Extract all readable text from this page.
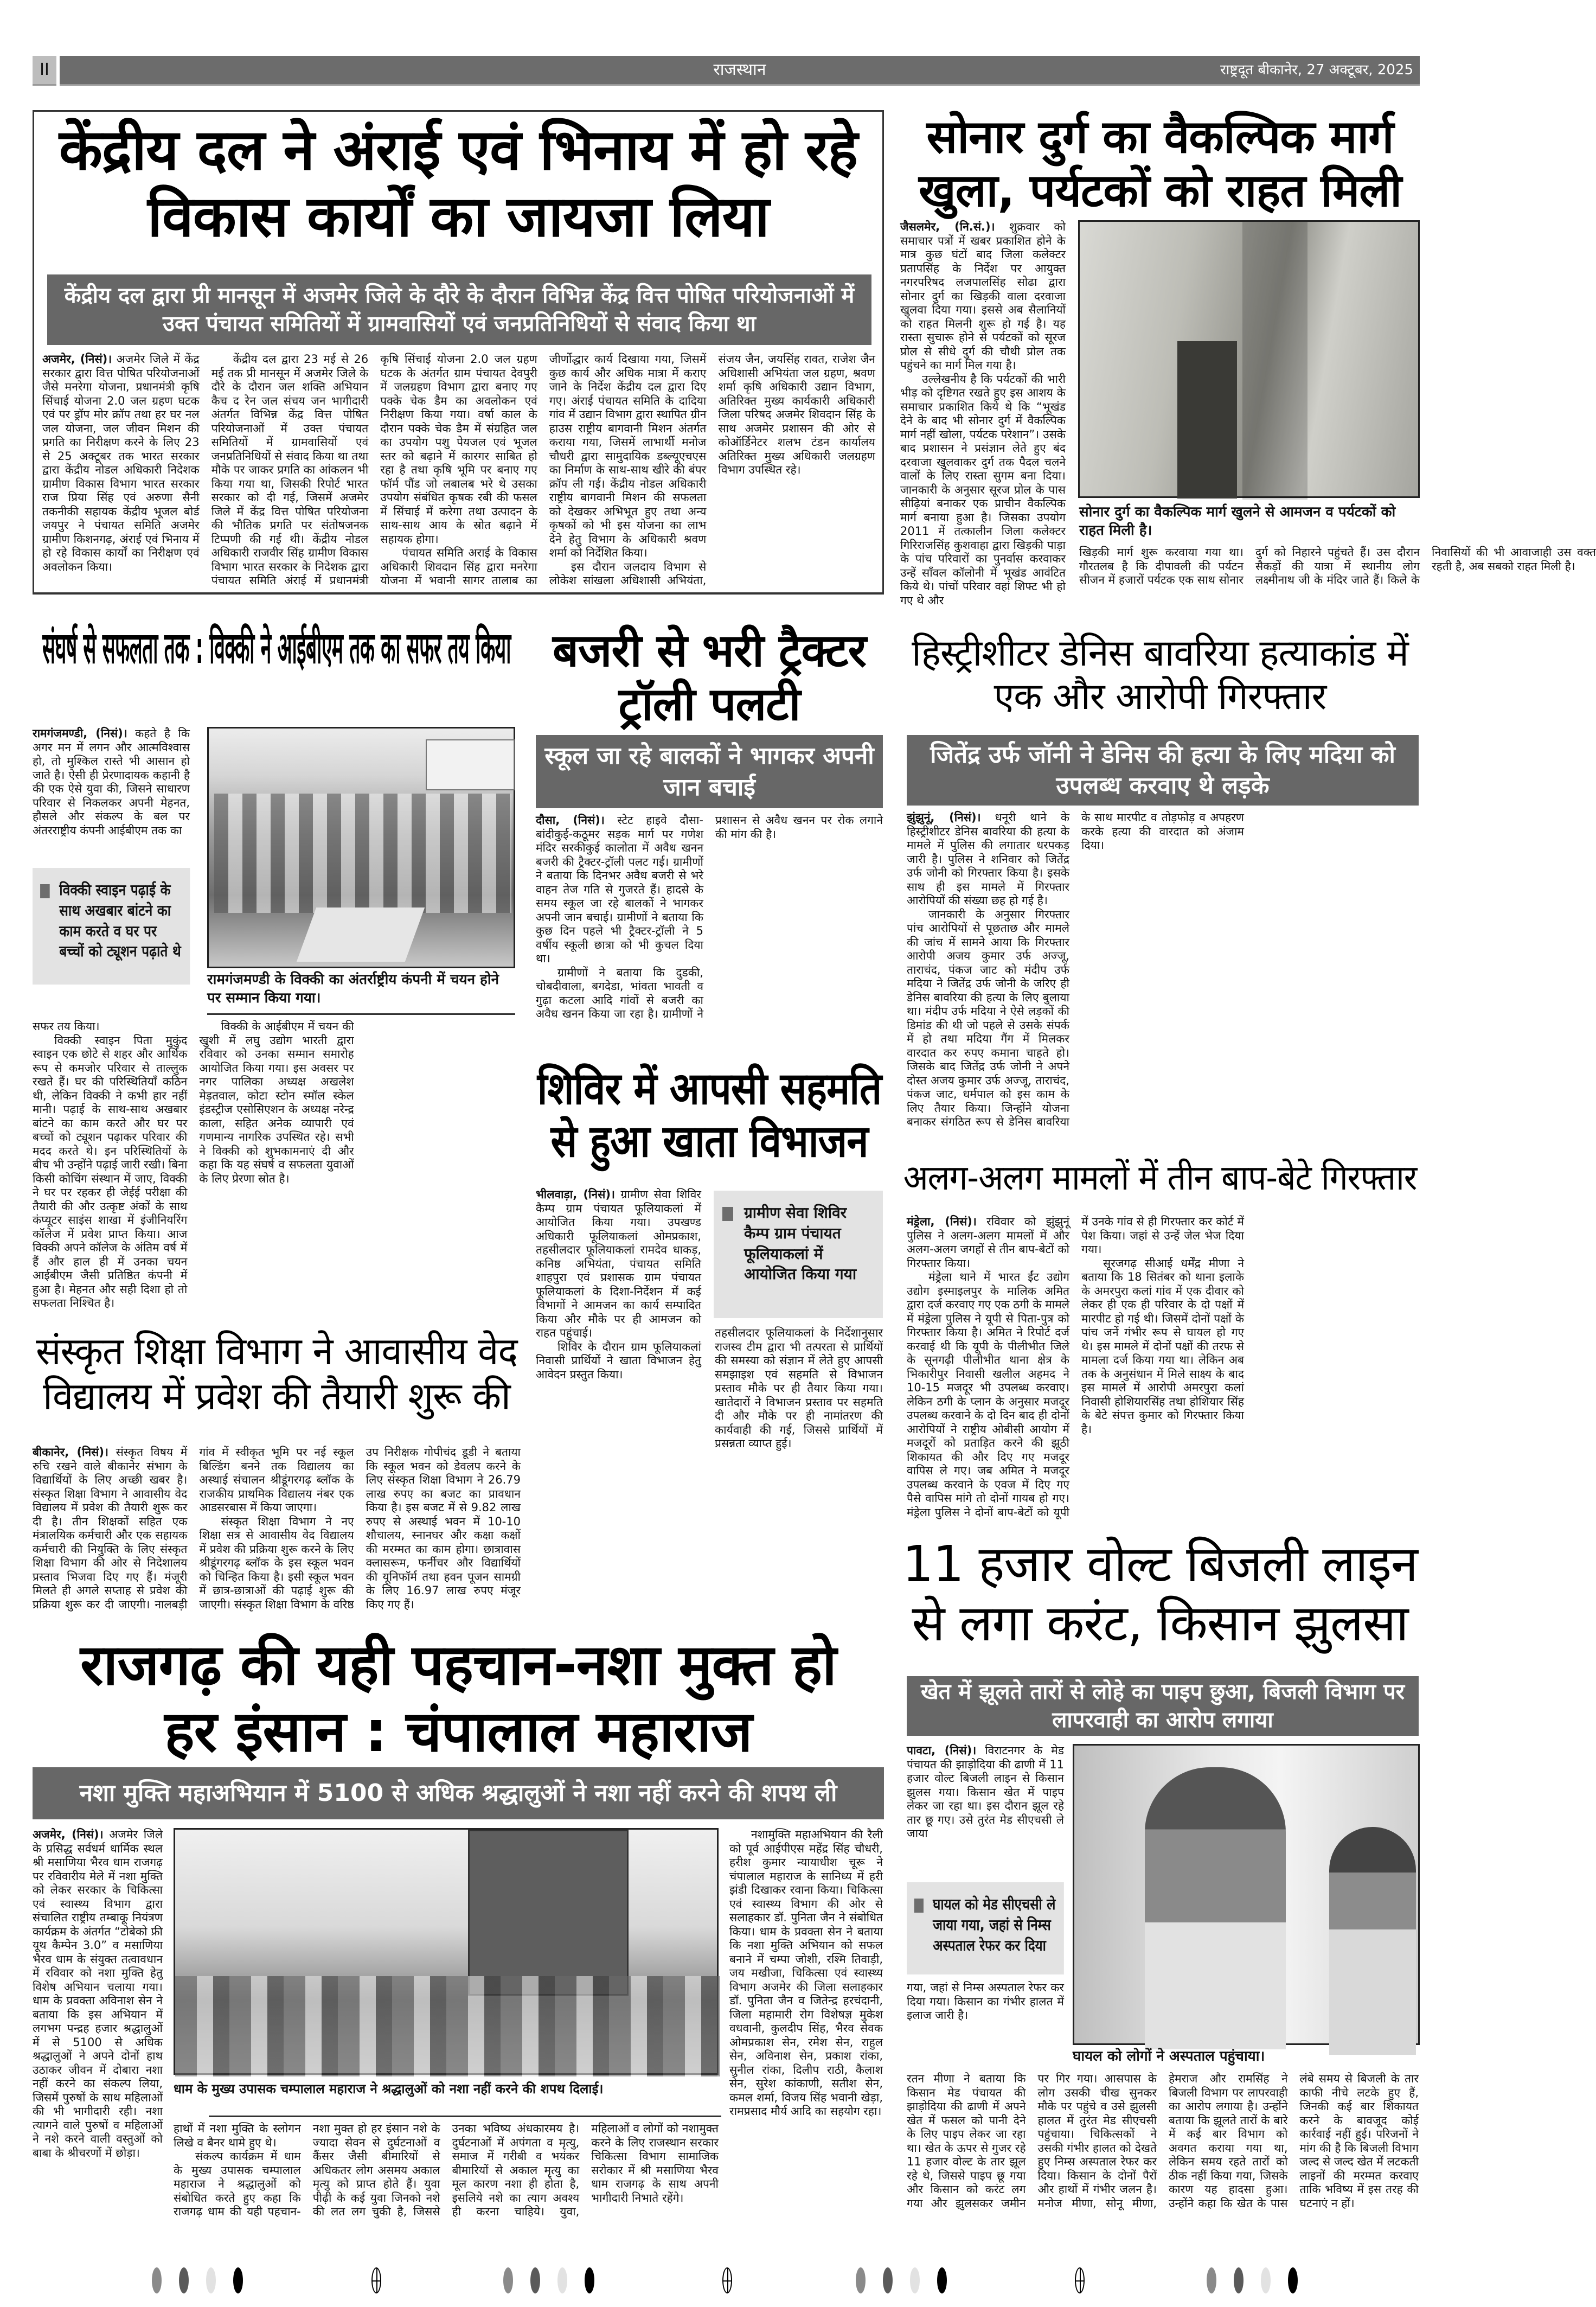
II	राजस्थान	राष्ट्रदूत बीकानेर, 27 अक्टूबर, 2025
केंद्रीय दल ने अंराई एवं भिनाय में हो रहे विकास कार्यों का जायजा लिया
केंद्रीय दल द्वारा प्री मानसून में अजमेर जिले के दौरे के दौरान विभिन्न केंद्र वित्त पोषित परियोजनाओं में उक्त पंचायत समितियों में ग्रामवासियों एवं जनप्रतिनिधियों से संवाद किया था

अजमेर, (निसं)। अजमेर जिले में केंद्र सरकार द्वारा वित्त पोषित परियोजनाओं जैसे मनरेगा योजना, प्रधानमंत्री कृषि सिंचाई योजना 2.0 जल ग्रहण घटक एवं पर ड्रॉप मोर क्रॉप तथा हर घर नल जल योजना, जल जीवन मिशन की प्रगति का निरीक्षण करने के लिए 23 से 25 अक्टूबर तक भारत सरकार द्वारा केंद्रीय नोडल अधिकारी निदेशक ग्रामीण विकास विभाग भारत सरकार राज प्रिया सिंह एवं अरुणा सैनी तकनीकी सहायक केंद्रीय भूजल बोर्ड जयपुर ने पंचायत समिति अजमेर ग्रामीण किशनगढ़, अंराई एवं भिनाय में हो रहे विकास कार्यों का निरीक्षण एवं अवलोकन किया।

केंद्रीय दल द्वारा 23 मई से 26 मई तक प्री मानसून में अजमेर जिले के दौरे के दौरान जल शक्ति अभियान कैच द रेन जल संचय जन भागीदारी अंतर्गत विभिन्न केंद्र वित्त पोषित परियोजनाओं में उक्त पंचायत समितियों में ग्रामवासियों एवं जनप्रतिनिधियों से संवाद किया था तथा मौके पर जाकर प्रगति का आंकलन भी किया गया था, जिसकी रिपोर्ट भारत सरकार को दी गई, जिसमें अजमेर जिले में केंद्र वित्त पोषित परियोजना की भौतिक प्रगति पर संतोषजनक टिप्पणी की गई थी। केंद्रीय नोडल अधिकारी राजवीर सिंह ग्रामीण विकास विभाग भारत सरकार के निदेशक द्वारा पंचायत समिति अंराई में प्रधानमंत्री कृषि सिंचाई योजना 2.0 जल ग्रहण घटक के अंतर्गत ग्राम पंचायत देवपुरी में जलग्रहण विभाग द्वारा बनाए गए पक्के चेक डैम का अवलोकन एवं निरीक्षण किया गया। वर्षा काल के दौरान पक्के चेक डैम में संग्रहित जल का उपयोग पशु पेयजल एवं भूजल स्तर को बढ़ाने में कारगर साबित हो रहा है तथा कृषि भूमि पर बनाए गए फॉर्म पौंड जो लबालब भरे थे उसका उपयोग संबंधित कृषक रबी की फसल में सिंचाई में करेगा तथा उत्पादन के साथ-साथ आय के स्रोत बढ़ाने में सहायक होगा।

पंचायत समिति अराई के विकास अधिकारी शिवदान सिंह द्वारा मनरेगा योजना में भवानी सागर तालाब का जीर्णोद्धार कार्य दिखाया गया, जिसमें कुछ कार्य और अधिक मात्रा में कराए जाने के निर्देश केंद्रीय दल द्वारा दिए गए। अंराई पंचायत समिति के दादिया गांव में उद्यान विभाग द्वारा स्थापित ग्रीन हाउस राष्ट्रीय बागवानी मिशन अंतर्गत कराया गया, जिसमें लाभार्थी मनोज चौधरी द्वारा सामुदायिक डब्ल्यूएचएस का निर्माण के साथ-साथ खीरे की बंपर क्रॉप ली गई। केंद्रीय नोडल अधिकारी राष्ट्रीय बागवानी मिशन की सफलता को देखकर अभिभूत हुए तथा अन्य कृषकों को भी इस योजना का लाभ देने हेतु विभाग के अधिकारी श्रवण शर्मा को निर्देशित किया।

इस दौरान जलदाय विभाग से लोकेश सांखला अधिशासी अभियंता, संजय जैन, जयसिंह रावत, राजेश जैन अधिशासी अभियंता जल ग्रहण, श्रवण शर्मा कृषि अधिकारी उद्यान विभाग, अतिरिक्त मुख्य कार्यकारी अधिकारी जिला परिषद अजमेर शिवदान सिंह के साथ अजमेर प्रशासन की ओर से कोऑर्डिनेटर शलभ टंडन कार्यालय अतिरिक्त मुख्य अधिकारी जलग्रहण विभाग उपस्थित रहे।

सोनार दुर्ग का वैकल्पिक मार्ग खुला, पर्यटकों को राहत मिली

जैसलमेर, (नि.सं.)। शुक्रवार को समाचार पत्रों में खबर प्रकाशित होने के मात्र कुछ घंटों बाद जिला कलेक्टर प्रतापसिंह के निर्देश पर आयुक्त नगरपरिषद लजपालसिंह सोढा द्वारा सोनार दुर्ग का खिड़की वाला दरवाजा खुलवा दिया गया। इससे अब सैलानियों को राहत मिलनी शुरू हो गई है। यह रास्ता सुचारू होने से पर्यटकों को सूरज प्रोल से सीधे दुर्ग की चौथी प्रोल तक पहुंचने का मार्ग मिल गया है।

उल्लेखनीय है कि पर्यटकों की भारी भीड़ को दृष्टिगत रखते हुए इस आशय के समाचार प्रकाशित किये थे कि “भूखंड देने के बाद भी सोनार दुर्ग में वैकल्पिक मार्ग नहीं खोला, पर्यटक परेशान”। उसके बाद प्रशासन ने प्रसंज्ञान लेते हुए बंद दरवाजा खुलवाकर दुर्ग तक पैदल चलने वालों के लिए रास्ता सुगम बना दिया। जानकारी के अनुसार सूरज प्रोल के पास सीढ़ियां बनाकर एक प्राचीन वैकल्पिक मार्ग बनाया हुआ है। जिसका उपयोग 2011 में तत्कालीन जिला कलेक्टर गिरिराजसिंह कुशवाहा द्वारा खिड़की पाड़ा के पांच परिवारों का पुनर्वास करवाकर उन्हें साँवल कॉलोनी में भूखंड आवंटित किये थे। पांचों परिवार वहां शिफ्ट भी हो गए थे और

सोनार दुर्ग का वैकल्पिक मार्ग खुलने से आमजन व पर्यटकों को राहत मिली है।

खिड़की मार्ग शुरू करवाया गया था। गौरतलब है कि दीपावली की पर्यटन सीजन में हजारों पर्यटक एक साथ सोनार दुर्ग को निहारने पहुंचते हैं। उस दौरान सैकड़ों की यात्रा में स्थानीय लोग लक्ष्मीनाथ जी के मंदिर जाते हैं। किले के निवासियों की भी आवाजाही उस वक्त रहती है, अब सबको राहत मिली है।

संघर्ष से सफलता तक : विक्की ने आईबीएम तक का सफर तय किया

रामगंजमण्डी, (निसं)। कहते है कि अगर मन में लगन और आत्मविश्वास हो, तो मुश्किल रास्ते भी आसान हो जाते है। ऐसी ही प्रेरणादायक कहानी है की एक ऐसे युवा की, जिसने साधारण परिवार से निकलकर अपनी मेहनत, हौसले और संकल्प के बल पर अंतरराष्ट्रीय कंपनी आईबीएम तक का

विक्की स्वाइन पढ़ाई के साथ अखबार बांटने का काम करते व घर पर बच्चों को ट्यूशन पढ़ाते थे
रामगंजमण्डी के विक्की का अंतर्राष्ट्रीय कंपनी में चयन होने पर सम्मान किया गया।

सफर तय किया।

विक्की स्वाइन पिता मुकुंद स्वाइन एक छोटे से शहर और आर्थिक रूप से कमजोर परिवार से ताल्लुक रखते हैं। घर की परिस्थितियाँ कठिन थी, लेकिन विक्की ने कभी हार नहीं मानी। पढ़ाई के साथ-साथ अखबार बांटने का काम करते और घर पर बच्चों को ट्यूशन पढ़ाकर परिवार की मदद करते थे। इन परिस्थितियों के बीच भी उन्होंने पढ़ाई जारी रखी। बिना किसी कोचिंग संस्थान में जाए, विक्की ने घर पर रहकर ही जेईई परीक्षा की तैयारी की और उत्कृष्ट अंकों के साथ कंप्यूटर साइंस शाखा में इंजीनियरिंग कॉलेज में प्रवेश प्राप्त किया। आज विक्की अपने कॉलेज के अंतिम वर्ष में हैं और हाल ही में उनका चयन आईबीएम जैसी प्रतिष्ठित कंपनी में हुआ है। मेहनत और सही दिशा हो तो सफलता निश्चित है।

विक्की के आईबीएम में चयन की खुशी में लघु उद्योग भारती द्वारा रविवार को उनका सम्मान समारोह आयोजित किया गया। इस अवसर पर नगर पालिका अध्यक्ष अखलेश मेड़तवाल, कोटा स्टोन स्मॉल स्केल इंडस्ट्रीज एसोसिएशन के अध्यक्ष नरेन्द्र काला, सहित अनेक व्यापारी एवं गणमान्य नागरिक उपस्थित रहे। सभी ने विक्की को शुभकामनाएं दी और कहा कि यह संघर्ष व सफलता युवाओं के लिए प्रेरणा स्रोत है।

बजरी से भरी ट्रैक्टर ट्रॉली पलटी
स्कूल जा रहे बालकों ने भागकर अपनी जान बचाई

दौसा, (निसं)। स्टेट हाइवे दौसा-बांदीकुई-कठूमर सड़क मार्ग पर गणेश मंदिर सरकीकुई कालोता में अवैध खनन बजरी की ट्रैक्टर-ट्रॉली पलट गई। ग्रामीणों ने बताया कि दिनभर अवैध बजरी से भरे वाहन तेज गति से गुजरते हैं। हादसे के समय स्कूल जा रहे बालकों ने भागकर अपनी जान बचाई। ग्रामीणों ने बताया कि कुछ दिन पहले भी ट्रैक्टर-ट्रॉली ने 5 वर्षीय स्कूली छात्रा को भी कुचल दिया था।

ग्रामीणों ने बताया कि दुडकी, चोबदीवाला, बगदेडा, भांवता भावती व गुढ़ा कटला आदि गांवों से बजरी का अवैध खनन किया जा रहा है। ग्रामीणों ने प्रशासन से अवैध खनन पर रोक लगाने की मांग की है।

शिविर में आपसी सहमति से हुआ खाता विभाजन

भीलवाड़ा, (निसं)। ग्रामीण सेवा शिविर कैम्प ग्राम पंचायत फूलियाकलां में आयोजित किया गया। उपखण्ड अधिकारी फूलियाकलां ओमप्रकाश, तहसीलदार फूलियाकलां रामदेव धाकड़, कनिष्ठ अभियंता, पंचायत समिति शाहपुरा एवं प्रशासक ग्राम पंचायत फूलियाकलां के दिशा-निर्देशन में कई विभागों ने आमजन का कार्य सम्पादित किया और मौके पर ही आमजन को राहत पहुंचाई।

शिविर के दौरान ग्राम फूलियाकलां निवासी प्रार्थियों ने खाता विभाजन हेतु आवेदन प्रस्तुत किया।

ग्रामीण सेवा शिविर कैम्प ग्राम पंचायत फूलियाकलां में आयोजित किया गया

तहसीलदार फूलियाकलां के निर्देशानुसार राजस्व टीम द्वारा भी तत्परता से प्रार्थियों की समस्या को संज्ञान में लेते हुए आपसी समझाइश एवं सहमति से विभाजन प्रस्ताव मौके पर ही तैयार किया गया। खातेदारों ने विभाजन प्रस्ताव पर सहमति दी और मौके पर ही नामांतरण की कार्यवाही की गई, जिससे प्रार्थियों में प्रसन्नता व्याप्त हुई।

संस्कृत शिक्षा विभाग ने आवासीय वेद विद्यालय में प्रवेश की तैयारी शुरू की

बीकानेर, (निसं)। संस्कृत विषय में रुचि रखने वाले बीकानेर संभाग के विद्यार्थियों के लिए अच्छी खबर है। संस्कृत शिक्षा विभाग ने आवासीय वेद विद्यालय में प्रवेश की तैयारी शुरू कर दी है। तीन शिक्षकों सहित एक मंत्रालयिक कर्मचारी और एक सहायक कर्मचारी की नियुक्ति के लिए संस्कृत शिक्षा विभाग की ओर से निदेशालय प्रस्ताव भिजवा दिए गए हैं। मंजूरी मिलते ही अगले सप्ताह से प्रवेश की प्रक्रिया शुरू कर दी जाएगी। नालबड़ी गांव में स्वीकृत भूमि पर नई स्कूल बिल्डिंग बनने तक विद्यालय का अस्थाई संचालन श्रीडूंगरगढ़ ब्लॉक के राजकीय प्राथमिक विद्यालय नंबर एक आडसरबास में किया जाएगा।

संस्कृत शिक्षा विभाग ने नए शिक्षा सत्र से आवासीय वेद विद्यालय में प्रवेश की प्रक्रिया शुरू करने के लिए श्रीडूंगरगढ़ ब्लॉक के इस स्कूल भवन को चिन्हित किया है। इसी स्कूल भवन में छात्र-छात्राओं की पढ़ाई शुरू की जाएगी। संस्कृत शिक्षा विभाग के वरिष्ठ उप निरीक्षक गोपीचंद डूडी ने बताया कि स्कूल भवन को डेवलप करने के लिए संस्कृत शिक्षा विभाग ने 26.79 लाख रुपए का बजट का प्रावधान किया है। इस बजट में से 9.82 लाख रुपए से अस्थाई भवन में 10-10 शौचालय, स्नानघर और कक्षा कक्षों की मरम्मत का काम होगा। छात्रावास क्लासरूम, फर्नीचर और विद्यार्थियों की यूनिफॉर्म तथा हवन पूजन सामग्री के लिए 16.97 लाख रुपए मंजूर किए गए हैं।

हिस्ट्रीशीटर डेनिस बावरिया हत्याकांड में एक और आरोपी गिरफ्तार
जितेंद्र उर्फ जॉनी ने डेनिस की हत्या के लिए मदिया को उपलब्ध करवाए थे लड़के

झुंझुनूं, (निसं)। धनूरी थाने के हिस्ट्रीशीटर डेनिस बावरिया की हत्या के मामले में पुलिस की लगातार धरपकड़ जारी है। पुलिस ने शनिवार को जितेंद्र उर्फ जोनी को गिरफ्तार किया है। इसके साथ ही इस मामले में गिरफ्तार आरोपियों की संख्या छह हो गई है।

जानकारी के अनुसार गिरफ्तार पांच आरोपियों से पूछताछ और मामले की जांच में सामने आया कि गिरफ्तार आरोपी अजय कुमार उर्फ अज्जू, ताराचंद, पंकज जाट को मंदीप उर्फ मदिया ने जितेंद्र उर्फ जोनी के जरिए ही डेनिस बावरिया की हत्या के लिए बुलाया था। मंदीप उर्फ मदिया ने ऐसे लड़कों की डिमांड की थी जो पहले से उसके संपर्क में हो तथा मदिया गैंग में मिलकर वारदात कर रुपए कमाना चाहते हो। जिसके बाद जितेंद्र उर्फ जोनी ने अपने दोस्त अजय कुमार उर्फ अज्जू, ताराचंद, पंकज जाट, धर्मपाल को इस काम के लिए तैयार किया। जिन्होंने योजना बनाकर संगठित रूप से डेनिस बावरिया के साथ मारपीट व तोड़फोड़ व अपहरण करके हत्या की वारदात को अंजाम दिया।

अलग-अलग मामलों में तीन बाप-बेटे गिरफ्तार

मंड्रेला, (निसं)। रविवार को झुंझुनूं पुलिस ने अलग-अलग मामलों में और अलग-अलग जगहों से तीन बाप-बेटों को गिरफ्तार किया।

मंड्रेला थाने में भारत ईंट उद्योग उद्योग इस्माइलपुर के मालिक अमित द्वारा दर्ज करवाए गए एक ठगी के मामले में मंड्रेला पुलिस ने यूपी से पिता-पुत्र को गिरफ्तार किया है। अमित ने रिपोर्ट दर्ज करवाई थी कि यूपी के पीलीभीत जिले के सूनगढ़ी पीलीभीत थाना क्षेत्र के भिकारीपुर निवासी खलील अहमद ने 10-15 मजदूर भी उपलब्ध करवाए। लेकिन ठगी के प्लान के अनुसार मजदूर उपलब्ध करवाने के दो दिन बाद ही दोनों आरोपियों ने राष्ट्रीय ओबीसी आयोग में मजदूरों को प्रताड़ित करने की झूठी शिकायत की और दिए गए मजदूर वापिस ले गए। जब अमित ने मजदूर उपलब्ध करवाने के एवज में दिए गए पैसे वापिस मांगे तो दोनों गायब हो गए। मंड्रेला पुलिस ने दोनों बाप-बेटों को यूपी में उनके गांव से ही गिरफ्तार कर कोर्ट में पेश किया। जहां से उन्हें जेल भेज दिया गया।

सूरजगढ़ सीआई धर्मेंद्र मीणा ने बताया कि 18 सितंबर को थाना इलाके के अमरपुरा कलां गांव में एक दीवार को लेकर ही एक ही परिवार के दो पक्षों में मारपीट हो गई थी। जिसमें दोनों पक्षों के पांच जनें गंभीर रूप से घायल हो गए थे। इस मामले में दोनों पक्षों की तरफ से मामला दर्ज किया गया था। लेकिन अब तक के अनुसंधान में मिले साक्ष्य के बाद इस मामले में आरोपी अमरपुरा कलां निवासी होशियारसिंह तथा होशियार सिंह के बेटे संपत्त कुमार को गिरफ्तार किया है।

11 हजार वोल्ट बिजली लाइन से लगा करंट, किसान झुलसा
खेत में झूलते तारों से लोहे का पाइप छुआ, बिजली विभाग पर लापरवाही का आरोप लगाया

पावटा, (निसं)। विराटनगर के मेड पंचायत की झाड़ोदिया की ढाणी में 11 हजार वोल्ट बिजली लाइन से किसान झुलस गया। किसान खेत में पाइप लेकर जा रहा था। इस दौरान झूल रहे तार छू गए। उसे तुरंत मेड सीएचसी ले जाया

घायल को मेड सीएचसी ले जाया गया, जहां से निम्स अस्पताल रेफर कर दिया

गया, जहां से निम्स अस्पताल रेफर कर दिया गया। किसान का गंभीर हालत में इलाज जारी है।

घायल को लोगों ने अस्पताल पहुंचाया।

रतन मीणा ने बताया कि किसान मेड पंचायत की झाड़ोदिया की ढाणी में अपने खेत में फसल को पानी देने के लिए पाइप लेकर जा रहा था। खेत के ऊपर से गुजर रहे 11 हजार वोल्ट के तार झूल रहे थे, जिससे पाइप छू गया और किसान को करंट लग गया और झुलसकर जमीन पर गिर गया। आसपास के लोग उसकी चीख सुनकर मौके पर पहुंचे व उसे झुलसी हालत में तुरंत मेड सीएचसी पहुंचाया। चिकित्सकों ने उसकी गंभीर हालत को देखते हुए निम्स अस्पताल रेफर कर दिया। किसान के दोनों पैरों और हाथों में गंभीर जलन है। मनोज मीणा, सोनू मीणा, हेमराज और रामसिंह ने बिजली विभाग पर लापरवाही का आरोप लगाया है। उन्होंने बताया कि झूलते तारों के बारे में कई बार विभाग को अवगत कराया गया था, लेकिन समय रहते तारों को ठीक नहीं किया गया, जिसके कारण यह हादसा हुआ। उन्होंने कहा कि खेत के पास लंबे समय से बिजली के तार काफी नीचे लटके हुए हैं, जिनकी कई बार शिकायत करने के बावजूद कोई कार्रवाई नहीं हुई। परिजनों ने मांग की है कि बिजली विभाग जल्द से जल्द खेत में लटकती लाइनों की मरम्मत करवाए ताकि भविष्य में इस तरह की घटनाएं न हों।

राजगढ़ की यही पहचान-नशा मुक्त हो हर इंसान : चंपालाल महाराज
नशा मुक्ति महाअभियान में 5100 से अधिक श्रद्धालुओं ने नशा नहीं करने की शपथ ली

अजमेर, (निसं)। अजमेर जिले के प्रसिद्ध सर्वधर्म धार्मिक स्थल श्री मसाणिया भैरव धाम राजगढ़ पर रविवारीय मेले में नशा मुक्ति को लेकर सरकार के चिकित्सा एवं स्वास्थ्य विभाग द्वारा संचालित राष्ट्रीय तम्बाकू नियंत्रण कार्यक्रम के अंतर्गत “टोबेको फ्री यूथ कैम्पेन 3.0” व मसाणिया भैरव धाम के संयुक्त तत्वावधान में रविवार को नशा मुक्ति हेतु विशेष अभियान चलाया गया। धाम के प्रवक्ता अविनाश सेन ने बताया कि इस अभियान में लगभग पन्द्रह हजार श्रद्धालुओं में से 5100 से अधिक श्रद्धालुओं ने अपने दोनों हाथ उठाकर जीवन में दोबारा नशा नहीं करने का संकल्प लिया, जिसमें पुरुषों के साथ महिलाओं की भी भागीदारी रही। नशा त्यागने वाले पुरुषों व महिलाओं ने नशे करने वाली वस्तुओं को बाबा के श्रीचरणों में छोड़ा।

धाम के मुख्य उपासक चम्पालाल महाराज ने श्रद्धालुओं को नशा नहीं करने की शपथ दिलाई।

नशामुक्ति महाअभियान की रैली को पूर्व आईपीएस महेंद्र सिंह चौधरी, हरीश कुमार न्यायाधीश चूरू ने चंपालाल महाराज के सानिध्य में हरी झंडी दिखाकर रवाना किया। चिकित्सा एवं स्वास्थ्य विभाग की ओर से सलाहकार डॉ. पुनिता जैन ने संबोधित किया। धाम के प्रवक्ता सेन ने बताया कि नशा मुक्ति अभियान को सफल बनाने में चम्पा जोशी, रश्मि तिवाड़ी, जय मखीजा, चिकित्सा एवं स्वास्थ्य विभाग अजमेर की जिला सलाहकार डॉ. पुनिता जैन व जितेन्द्र हरचंदानी, जिला महामारी रोग विशेषज्ञ मुकेश वधवानी, कुलदीप सिंह, भैरव सेवक ओमप्रकाश सेन, रमेश सेन, राहुल सेन, अविनाश सेन, प्रकाश रांका, सुनील रांका, दिलीप राठी, कैलाश सेन, सुरेश कांकाणी, सतीश सेन, कमल शर्मा, विजय सिंह भवानी खेड़ा, रामप्रसाद मौर्य आदि का सहयोग रहा।

हाथों में नशा मुक्ति के स्लोगन लिखे व बैनर थामे हुए थे।

संकल्प कार्यक्रम में धाम के मुख्य उपासक चम्पालाल महाराज ने श्रद्धालुओं को संबोधित करते हुए कहा कि राजगढ़ धाम की यही पहचान-नशा मुक्त हो हर इंसान नशे के ज्यादा सेवन से दुर्घटनाओं व कैंसर जैसी बीमारियों से अधिकतर लोग असमय अकाल मृत्यु को प्राप्त होते हैं। युवा पीढ़ी के कई युवा जिनको नशे की लत लग चुकी है, जिससे उनका भविष्य अंधकारमय है। दुर्घटनाओं में अपंगता व मृत्यु, समाज में गरीबी व भयंकर बीमारियों से अकाल मृत्यु का मूल कारण नशा ही होता है, इसलिये नशे का त्याग अवश्य ही करना चाहिये। युवा, महिलाओं व लोगों को नशामुक्त करने के लिए राजस्थान सरकार चिकित्सा विभाग सामाजिक सरोकार में श्री मसाणिया भैरव धाम राजगढ़ के साथ अपनी भागीदारी निभाते रहेंगे।
